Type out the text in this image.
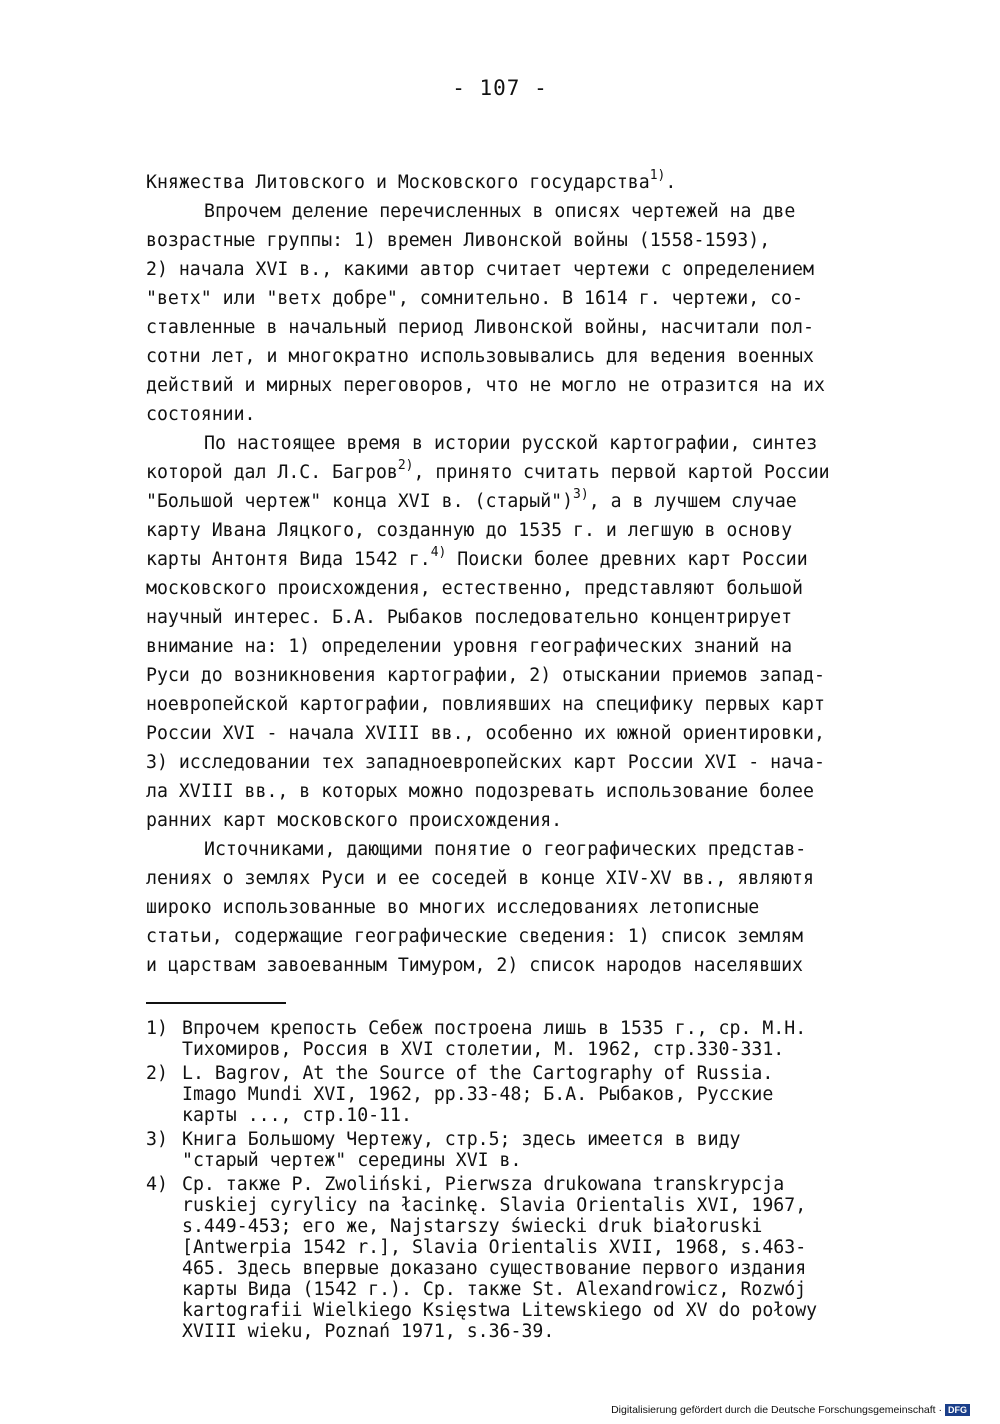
- 107 -
Княжества Литовского и Московского государства$^{1)}$.
Впрочем деление перечисленных в описях чертежей на две
возрастные группы: 1) времен Ливонской войны (1558-1593),
2) начала XVI в., какими автор считает чертежи с определением
"ветх" или "ветх добре", сомнительно. В 1614 г. чертежи, со-
ставленные в начальный период Ливонской войны, насчитали пол-
сотни лет, и многократно использовывались для ведения военных
действий и мирных переговоров, что не могло не отразится на их
состоянии.
По настоящее время в истории русской картографии, синтез
которой дал Л.С. Багров$^{2)}$, принято считать первой картой России
"Большой чертеж" конца XVI в. (старый")$^{3)}$, а в лучшем случае
карту Ивана Ляцкого, созданную до 1535 г. и легшую в основу
карты Антонтя Вида 1542 г.$^{4)}$ Поиски более древних карт России
московского происхождения, естественно, представляют большой
научный интерес. Б.А. Рыбаков последовательно концентрирует
внимание на: 1) определении уровня географических знаний на
Руси до возникновения картографии, 2) отыскании приемов запад-
ноевропейской картографии, повлиявших на специфику первых карт
России XVI - начала XVIII вв., особенно их южной ориентировки,
3) исследовании тех западноевропейских карт России XVI - нача-
ла XVIII вв., в которых можно подозревать использование более
ранних карт московского происхождения.
Источниками, дающими понятие о географических представ-
лениях о землях Руси и ее соседей в конце XIV-XV вв., являютя
широко использованные во многих исследованиях летописные
статьи, содержащие географические сведения: 1) список землям
и царствам завоеванным Тимуром, 2) список народов населявших
1) Впрочем крепость Себеж построена лишь в 1535 г., ср. М.Н.
Тихомиров, Россия в XVI столетии, М. 1962, стр.330-331.
2) L. Bagrov, At the Source of the Cartography of Russia.
Imago Mundi XVI, 1962, pp.33-48; Б.А. Рыбаков, Русские
карты ..., стр.10-11.
3) Книга Большому Чертежу, стр.5; здесь имеется в виду
"старый чертеж" середины XVI в.
4) Ср. также P. Zwoliński, Pierwsza drukowana transkrypcja
ruskiej cyrylicy na łacinkę. Slavia Orientalis XVI, 1967,
s.449-453; его же, Najstarszy świecki druk białoruski
[Antwerpia 1542 r.], Slavia Orientalis XVII, 1968, s.463-
465. Здесь впервые доказано существование первого издания
карты Вида (1542 г.). Ср. также St. Alexandrowicz, Rozwój
kartografii Wielkiego Księstwa Litewskiego od XV do połowy
XVIII wieku, Poznań 1971, s.36-39.
Digitalisierung gefördert durch die Deutsche Forschungsgemeinschaft · DFG
